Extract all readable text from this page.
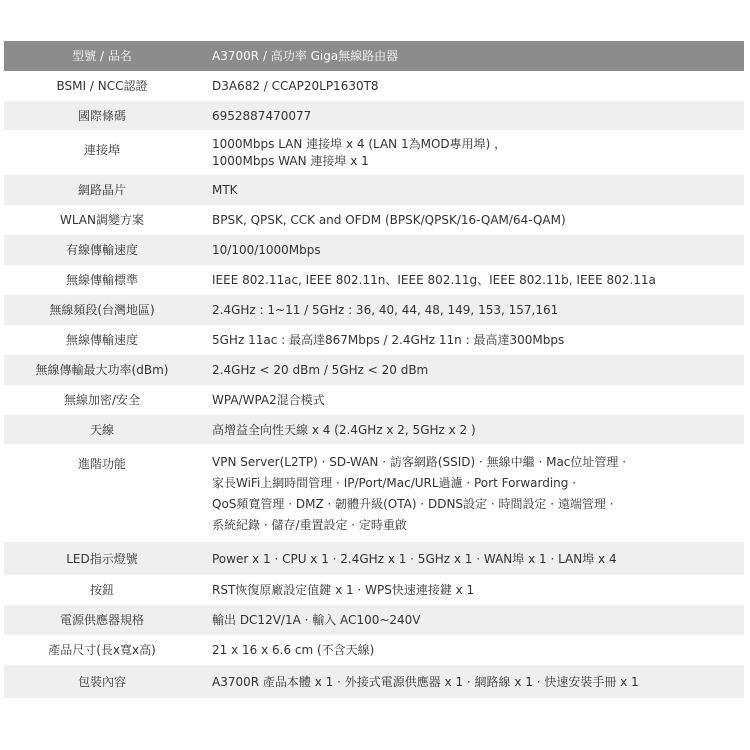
型號 / 品名	A3700R / 高功率 Giga無線路由器
BSMI / NCC認證	D3A682 / CCAP20LP1630T8
國際條碼	6952887470077
連接埠	1000Mbps LAN 連接埠 x 4 (LAN 1為MOD專用埠) ，
1000Mbps WAN 連接埠 x 1

網路晶片	MTK
WLAN調變方案	BPSK, QPSK, CCK and OFDM (BPSK/QPSK/16-QAM/64-QAM)
有線傳輸速度	10/100/1000Mbps
無線傳輸標準	IEEE 802.11ac, IEEE 802.11n、IEEE 802.11g、IEEE 802.11b, IEEE 802.11a
無線頻段(台灣地區)	2.4GHz : 1~11 / 5GHz : 36, 40, 44, 48, 149, 153, 157,161
無線傳輸速度	5GHz 11ac : 最高達867Mbps / 2.4GHz 11n : 最高達300Mbps
無線傳輸最大功率(dBm)	2.4GHz < 20 dBm / 5GHz < 20 dBm
無線加密/安全	WPA/WPA2混合模式
天線	高增益全向性天線 x 4 (2.4GHz x 2, 5GHz x 2 )
進階功能	VPN Server(L2TP) · SD-WAN · 訪客網路(SSID) · 無線中繼 · Mac位址管理 ·
家長WiFi上網時間管理 · IP/Port/Mac/URL過濾 · Port Forwarding ·
QoS頻寬管理 · DMZ · 韌體升級(OTA) · DDNS設定 · 時間設定 · 遠端管理 ·
系統紀錄 · 儲存/重置設定 · 定時重啟

LED指示燈號	Power x 1 · CPU x 1 · 2.4GHz x 1 · 5GHz x 1 · WAN埠 x 1 · LAN埠 x 4
按鈕	RST恢復原廠設定值鍵 x 1 · WPS快速連接鍵 x 1
電源供應器規格	輸出 DC12V/1A · 輸入 AC100~240V
產品尺寸(長x寬x高)	21 x 16 x 6.6 cm (不含天線)
包裝內容	A3700R 產品本體 x 1 · 外接式電源供應器 x 1 · 網路線 x 1 · 快速安裝手冊 x 1
